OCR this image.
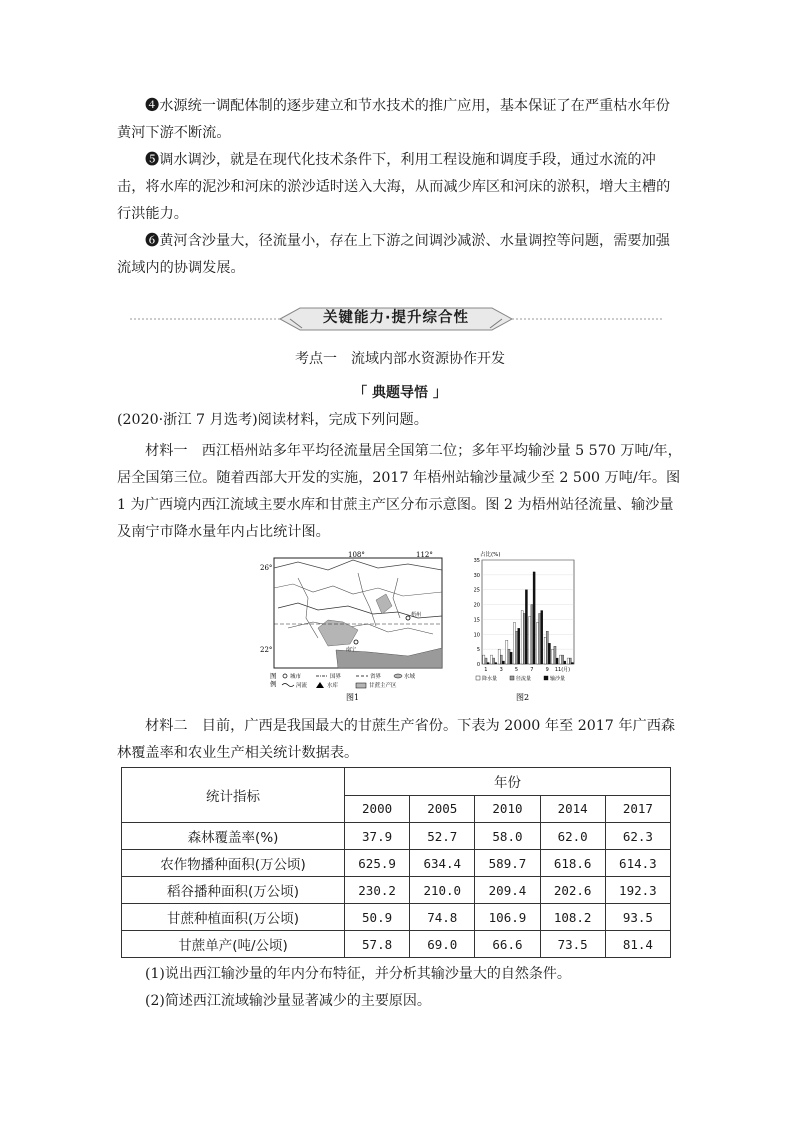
❹水源统一调配体制的逐步建立和节水技术的推广应用，基本保证了在严重枯水年份黄河下游不断流。

❺调水调沙，就是在现代化技术条件下，利用工程设施和调度手段，通过水流的冲击，将水库的泥沙和河床的淤沙适时送入大海，从而减少库区和河床的淤积，增大主槽的行洪能力。

❻黄河含沙量大，径流量小，存在上下游之间调沙减淤、水量调控等问题，需要加强流域内的协调发展。

关键能力·提升综合性
考点一　流域内部水资源协作开发
「 典题导悟 」

(2020·浙江 7 月选考)阅读材料，完成下列问题。

材料一　西江梧州站多年平均径流量居全国第二位；多年平均输沙量 5 570 万吨/年，居全国第三位。随着西部大开发的实施，2017 年梧州站输沙量减少至 2 500 万吨/年。图 1 为广西境内西江流域主要水库和甘蔗主产区分布示意图。图 2 为梧州站径流量、输沙量及南宁市降水量年内占比统计图。

108°	112°
26°
22°	南宁
梧州
图
例
城市	国界	省界	水域
河流	水库	甘蔗主产区
图1
占比(%)
35
30
25
20
15
10
5
0
1 3 5 7 9 11(月)
降水量	径流量	输沙量
图2

材料二　目前，广西是我国最大的甘蔗生产省份。下表为 2000 年至 2017 年广西森林覆盖率和农业生产相关统计数据表。

统计指标	年份				
	2000	2005	2010	2014	2017
森林覆盖率(%)	37.9	52.7	58.0	62.0	62.3
农作物播种面积(万公顷)	625.9	634.4	589.7	618.6	614.3
稻谷播种面积(万公顷)	230.2	210.0	209.4	202.6	192.3
甘蔗种植面积(万公顷)	50.9	74.8	106.9	108.2	93.5
甘蔗单产(吨/公顷)	57.8	69.0	66.6	73.5	81.4
(1)说出西江输沙量的年内分布特征，并分析其输沙量大的自然条件。
(2)简述西江流域输沙量显著减少的主要原因。
